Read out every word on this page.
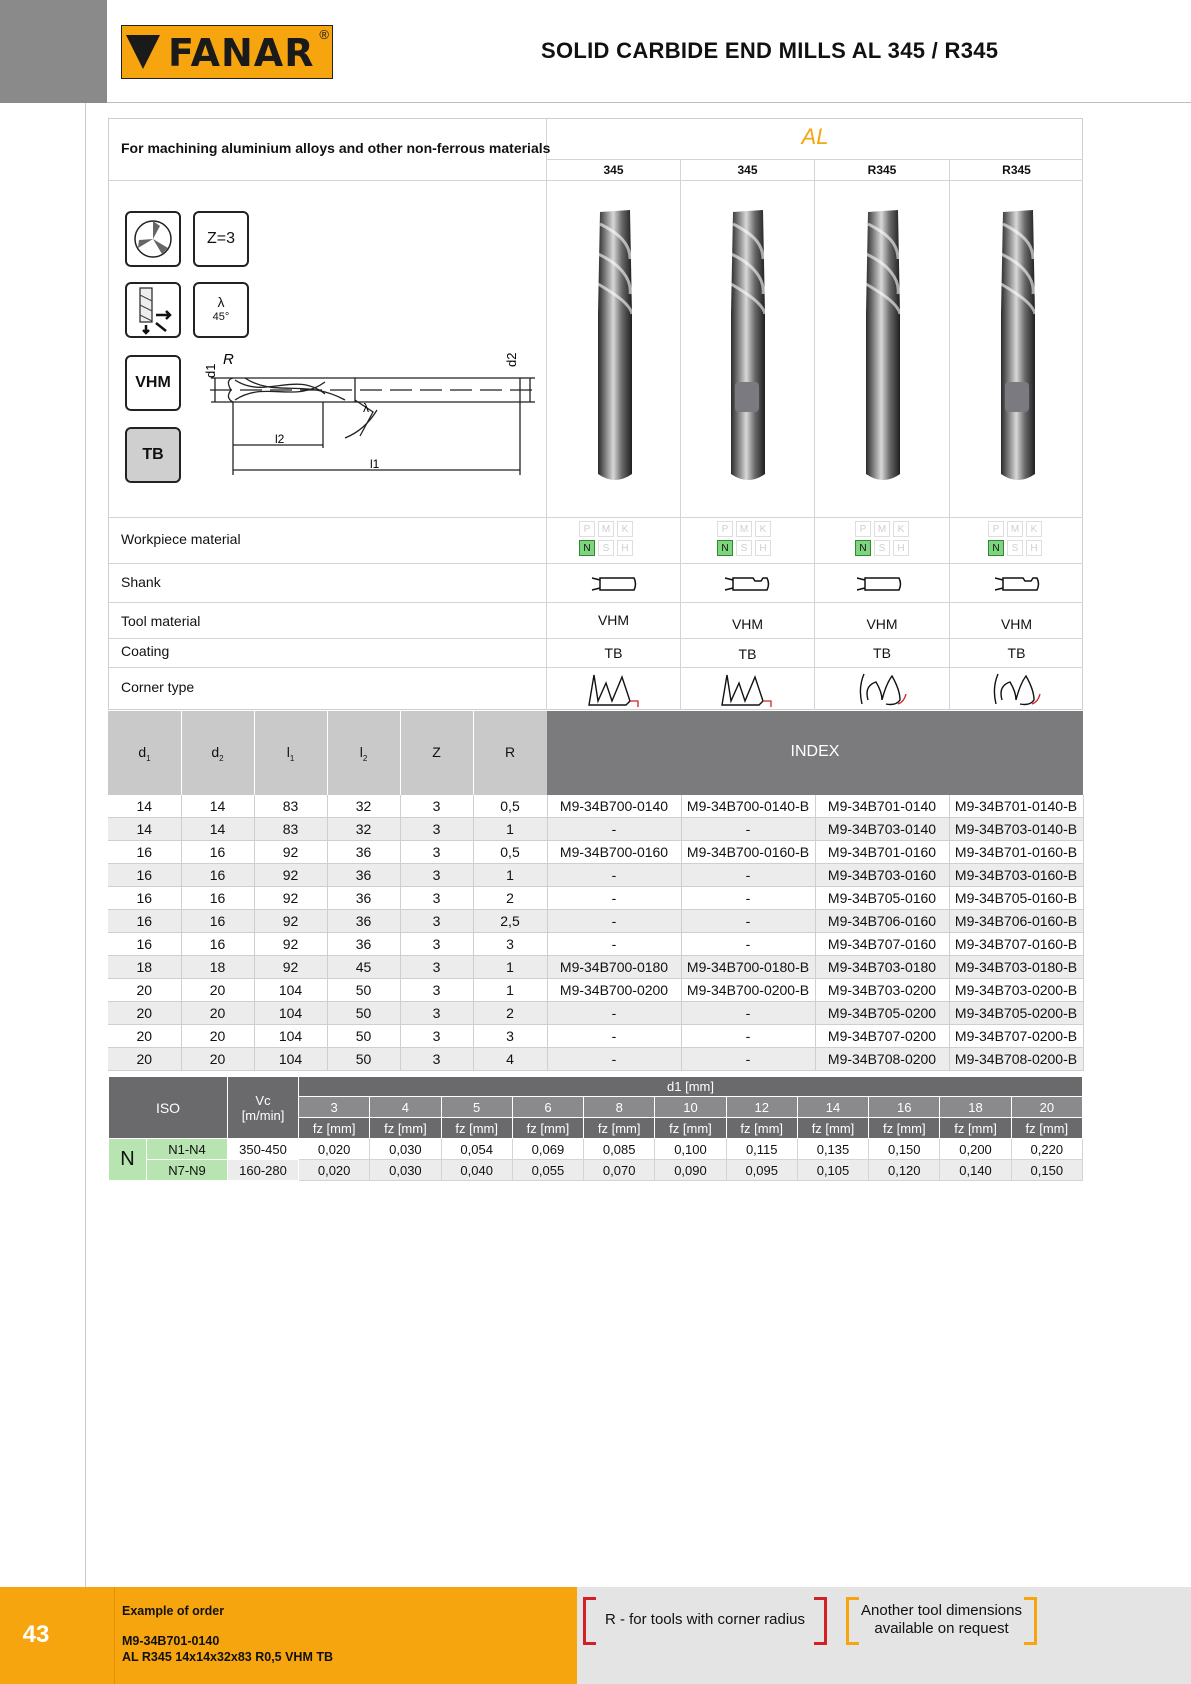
FANAR ®
SOLID CARBIDE END MILLS AL 345 / R345
For machining aluminium alloys and other non-ferrous materials	AL
345	345	R345	R345
Z=3
λ
45°
VHM
TB
d1
R	d2
l2
l1
λ
Workpiece material
Shank
Tool material
Coating
Corner type
P	M	K
N	S	H
P	M	K
N	S	H
P	M	K
N	S	H
P	M	K
N	S	H
VHM	VHM	VHM	VHM
TB	TB	TB	TB
$d_1$	$d_2$	$l_1$	$l_2$	Z	R	INDEX
14	14	83	32	3	0,5	M9-34B700-0140	M9-34B700-0140-B	M9-34B701-0140	M9-34B701-0140-B
14	14	83	32	3	1	-	-	M9-34B703-0140	M9-34B703-0140-B
16	16	92	36	3	0,5	M9-34B700-0160	M9-34B700-0160-B	M9-34B701-0160	M9-34B701-0160-B
16	16	92	36	3	1	-	-	M9-34B703-0160	M9-34B703-0160-B
16	16	92	36	3	2	-	-	M9-34B705-0160	M9-34B705-0160-B
16	16	92	36	3	2,5	-	-	M9-34B706-0160	M9-34B706-0160-B
16	16	92	36	3	3	-	-	M9-34B707-0160	M9-34B707-0160-B
18	18	92	45	3	1	M9-34B700-0180	M9-34B700-0180-B	M9-34B703-0180	M9-34B703-0180-B
20	20	104	50	3	1	M9-34B700-0200	M9-34B700-0200-B	M9-34B703-0200	M9-34B703-0200-B
20	20	104	50	3	2	-	-	M9-34B705-0200	M9-34B705-0200-B
20	20	104	50	3	3	-	-	M9-34B707-0200	M9-34B707-0200-B
20	20	104	50	3	4	-	-	M9-34B708-0200	M9-34B708-0200-B
ISO		Vc
[m/min]	d1 [mm]										
			3	4	5	6	8	10	12	14	16	18	20
			fz [mm]	fz [mm]	fz [mm]	fz [mm]	fz [mm]	fz [mm]	fz [mm]	fz [mm]	fz [mm]	fz [mm]	fz [mm]
N	N1-N4	350-450	0,020	0,030	0,054	0,069	0,085	0,100	0,115	0,135	0,150	0,200	0,220
	N7-N9	160-280	0,020	0,030	0,040	0,055	0,070	0,090	0,095	0,105	0,120	0,140	0,150
43
Example of order
M9-34B701-0140
AL R345 14x14x32x83 R0,5 VHM TB
R - for tools with corner radius
Another tool dimensions
available on request
